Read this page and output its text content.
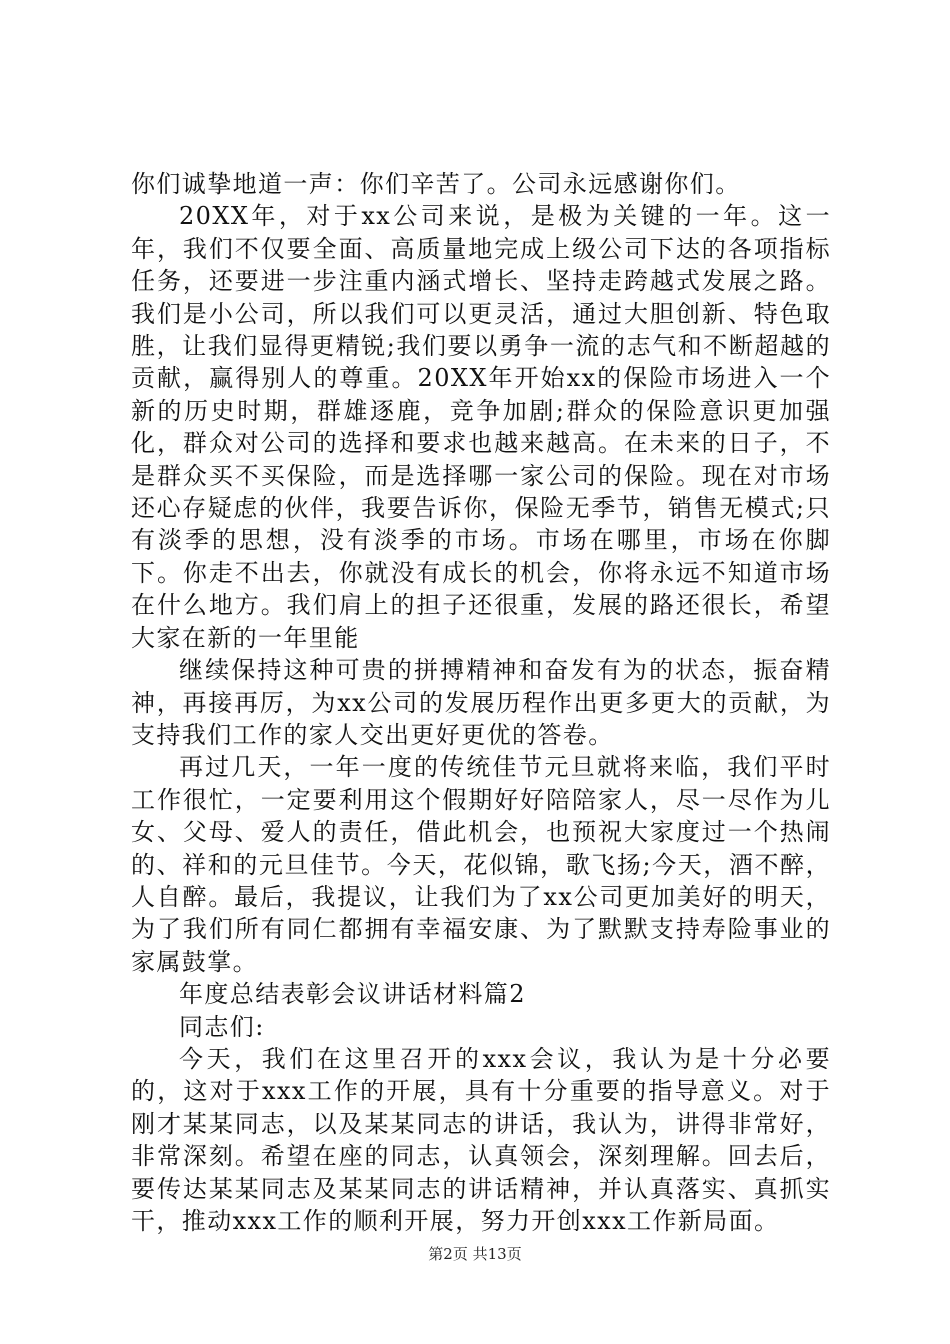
你们诚挚地道一声：你们辛苦了。公司永远感谢你们。

20XX年，对于xx公司来说，是极为关键的一年。这一年，我们不仅要全面、高质量地完成上级公司下达的各项指标任务，还要进一步注重内涵式增长、坚持走跨越式发展之路。我们是小公司，所以我们可以更灵活，通过大胆创新、特色取胜，让我们显得更精锐;我们要以勇争一流的志气和不断超越的贡献，赢得别人的尊重。20XX年开始xx的保险市场进入一个新的历史时期，群雄逐鹿，竞争加剧;群众的保险意识更加强化，群众对公司的选择和要求也越来越高。在未来的日子，不是群众买不买保险，而是选择哪一家公司的保险。现在对市场还心存疑虑的伙伴，我要告诉你，保险无季节，销售无模式;只有淡季的思想，没有淡季的市场。市场在哪里，市场在你脚下。你走不出去，你就没有成长的机会，你将永远不知道市场在什么地方。我们肩上的担子还很重，发展的路还很长，希望大家在新的一年里能

继续保持这种可贵的拼搏精神和奋发有为的状态，振奋精神，再接再厉，为xx公司的发展历程作出更多更大的贡献，为支持我们工作的家人交出更好更优的答卷。

再过几天，一年一度的传统佳节元旦就将来临，我们平时工作很忙，一定要利用这个假期好好陪陪家人，尽一尽作为儿女、父母、爱人的责任，借此机会，也预祝大家度过一个热闹的、祥和的元旦佳节。今天，花似锦，歌飞扬;今天，酒不醉，人自醉。最后，我提议，让我们为了xx公司更加美好的明天，为了我们所有同仁都拥有幸福安康、为了默默支持寿险事业的家属鼓掌。

年度总结表彰会议讲话材料篇2

同志们:

今天，我们在这里召开的xxx会议，我认为是十分必要的，这对于xxx工作的开展，具有十分重要的指导意义。对于刚才某某同志，以及某某同志的讲话，我认为，讲得非常好，非常深刻。希望在座的同志，认真领会，深刻理解。回去后，要传达某某同志及某某同志的讲话精神，并认真落实、真抓实干，推动xxx工作的顺利开展，努力开创xxx工作新局面。

第2页 共13页
